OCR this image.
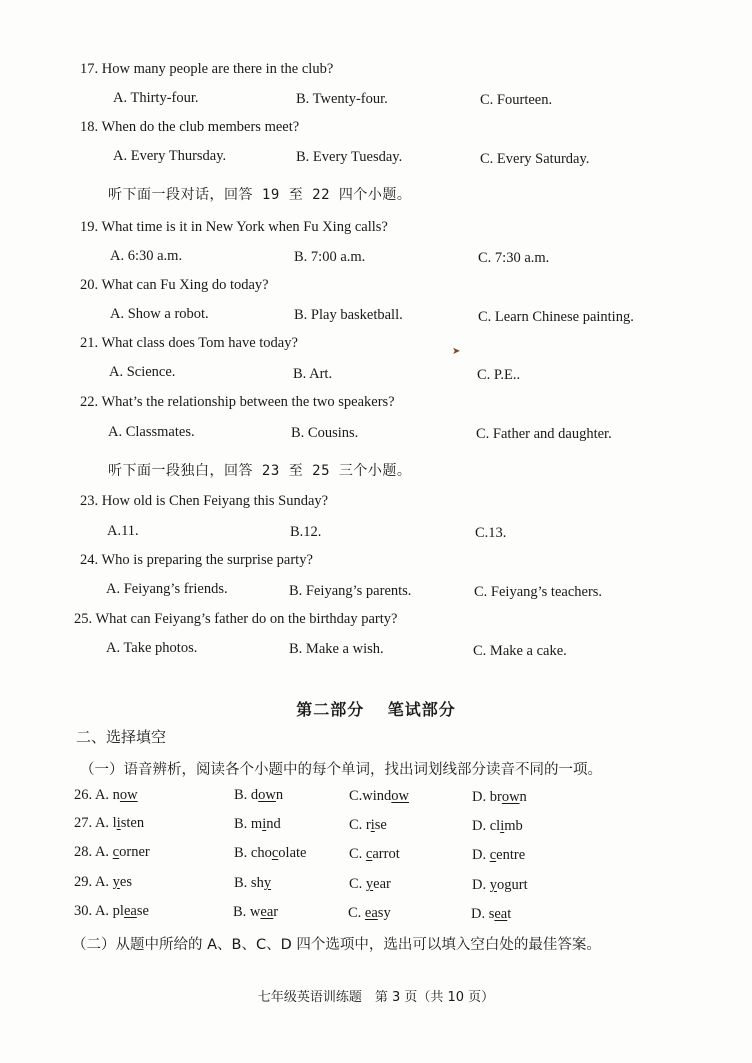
17. How many people are there in the club?
A. Thirty-four.	B. Twenty-four.	C. Fourteen.
18. When do the club members meet?
A. Every Thursday.	B. Every Tuesday.	C. Every Saturday.
听下面一段对话，回答 19 至 22 四个小题。
19. What time is it in New York when Fu Xing calls?
A. 6:30 a.m.	B. 7:00 a.m.	C. 7:30 a.m.
20. What can Fu Xing do today?
A. Show a robot.	B. Play basketball.	C. Learn Chinese painting.
21. What class does Tom have today?
A. Science.	B. Art.	C. P.E..
➤
22. What’s the relationship between the two speakers?
A. Classmates.	B. Cousins.	C. Father and daughter.
听下面一段独白，回答 23 至 25 三个小题。
23. How old is Chen Feiyang this Sunday?
A.11.	B.12.	C.13.
24. Who is preparing the surprise party?
A. Feiyang’s friends.	B. Feiyang’s parents.	C. Feiyang’s teachers.
25. What can Feiyang’s father do on the birthday party?
A. Take photos.	B. Make a wish.	C. Make a cake.
第二部分　 笔试部分
二、选择填空
（一）语音辨析，阅读各个小题中的每个单词，找出词划线部分读音不同的一项。
26. A. now	B. down	C.window	D. brown
27. A. listen	B. mind	C. rise	D. climb
28. A. corner	B. chocolate	C. carrot	D. centre
29. A. yes	B. shy	C. year	D. yogurt
30. A. please	B. wear	C. easy	D. seat
（二）从题中所给的 A、B、C、D 四个选项中，选出可以填入空白处的最佳答案。
七年级英语训练题　第 3 页（共 10 页）
